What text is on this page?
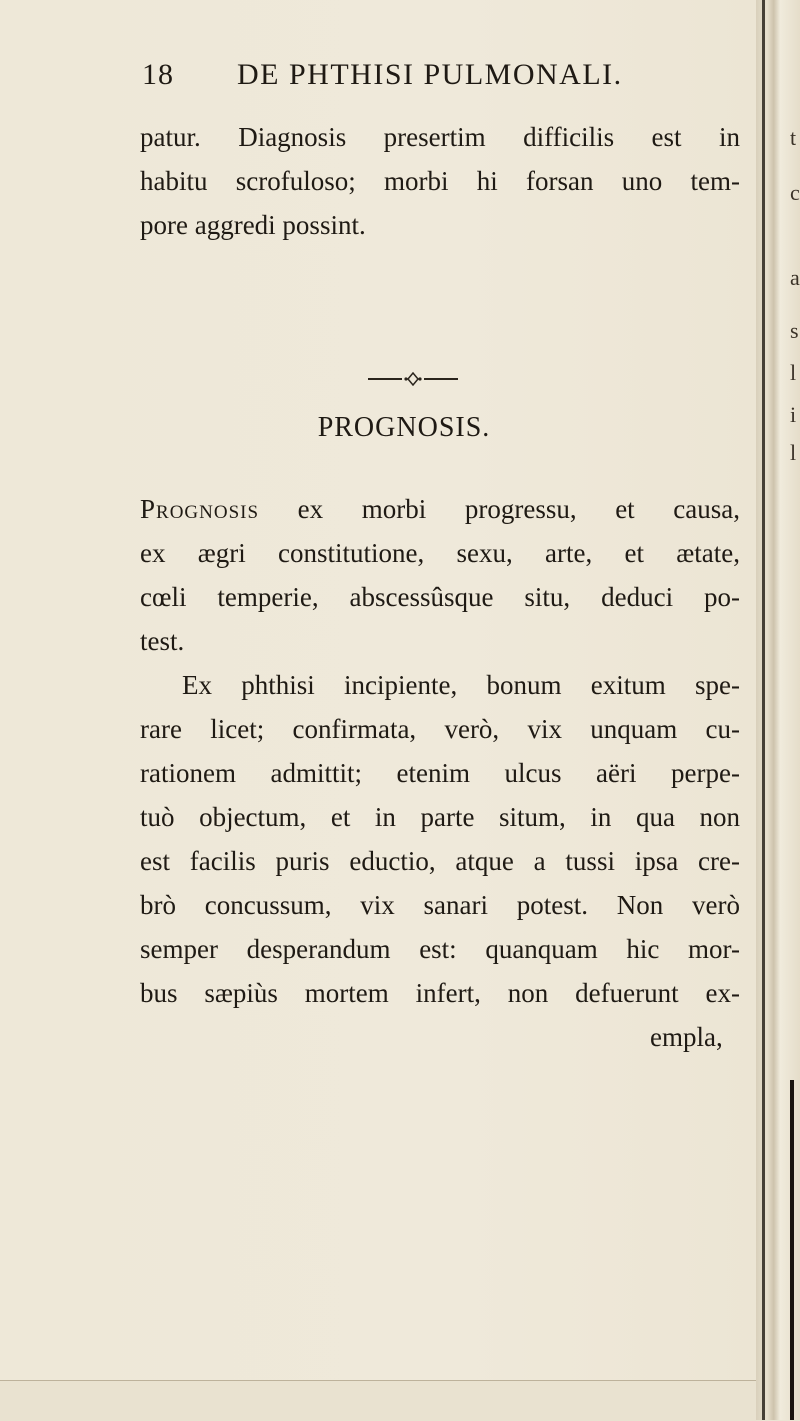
18 DE PHTHISI PULMONALI.
patur. Diagnosis presertim difficilis est in
habitu scrofuloso; morbi hi forsan uno tem-
pore aggredi possint.
PROGNOSIS.
Prognosis ex morbi progressu, et causa,
ex ægri constitutione, sexu, arte, et ætate,
cœli temperie, abscessûsque situ, deduci po-
test.
Ex phthisi incipiente, bonum exitum spe-
rare licet; confirmata, verò, vix unquam cu-
rationem admittit; etenim ulcus aëri perpe-
tuò objectum, et in parte situm, in qua non
est facilis puris eductio, atque a tussi ipsa cre-
brò concussum, vix sanari potest. Non verò
semper desperandum est: quanquam hic mor-
bus sæpiùs mortem infert, non defuerunt ex-
empla,
t
c
a
s
l
i
l
